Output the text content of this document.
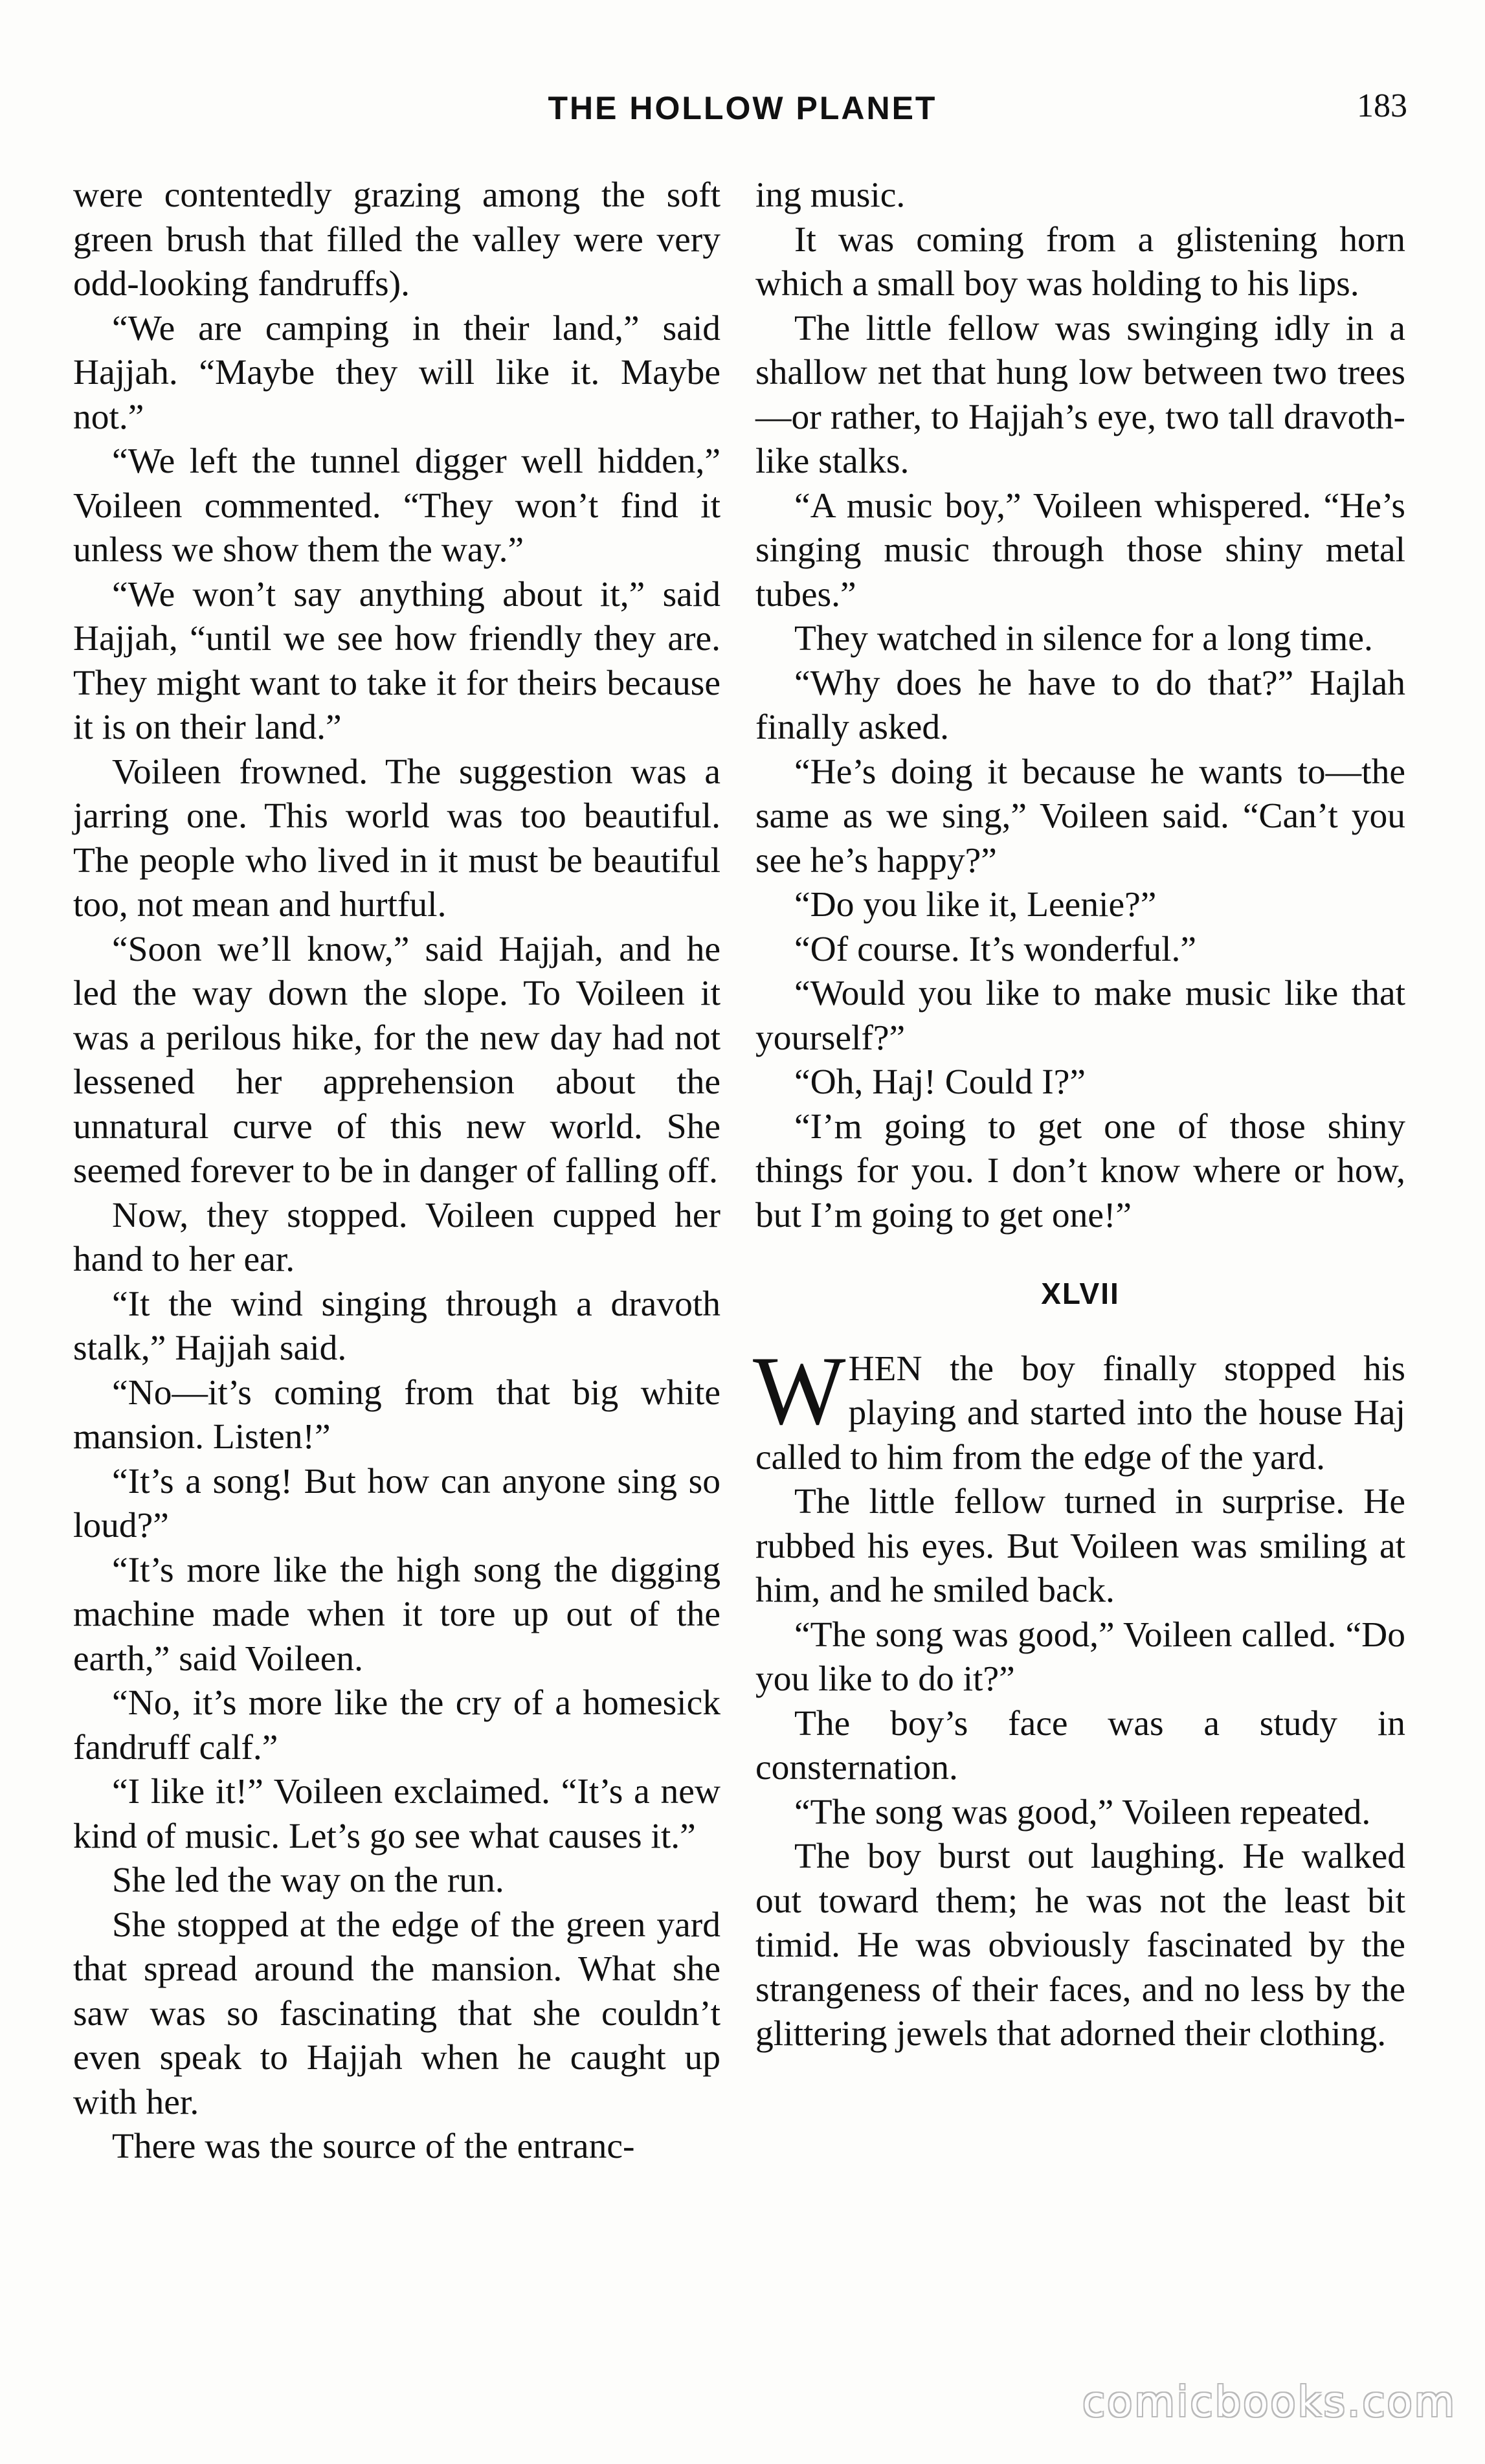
THE HOLLOW PLANET	183

were contentedly grazing among the soft green brush that filled the valley were very odd-looking fandruffs).

“We are camping in their land,” said Hajjah. “Maybe they will like it. Maybe not.”

“We left the tunnel digger well hidden,” Voileen commented. “They won’t find it unless we show them the way.”

“We won’t say anything about it,” said Hajjah, “until we see how friendly they are. They might want to take it for theirs because it is on their land.”

Voileen frowned. The suggestion was a jarring one. This world was too beautiful. The people who lived in it must be beautiful too, not mean and hurtful.

“Soon we’ll know,” said Hajjah, and he led the way down the slope. To Voileen it was a perilous hike, for the new day had not lessened her apprehension about the unnatural curve of this new world. She seemed forever to be in danger of falling off.

Now, they stopped. Voileen cupped her hand to her ear.

“It the wind singing through a dravoth stalk,” Hajjah said.

“No—it’s coming from that big white mansion. Listen!”

“It’s a song! But how can anyone sing so loud?”

“It’s more like the high song the digging machine made when it tore up out of the earth,” said Voileen.

“No, it’s more like the cry of a homesick fandruff calf.”

“I like it!” Voileen exclaimed. “It’s a new kind of music. Let’s go see what causes it.”

She led the way on the run.

She stopped at the edge of the green yard that spread around the mansion. What she saw was so fascinating that she couldn’t even speak to Hajjah when he caught up with her.

There was the source of the entranc-

ing music.

It was coming from a glistening horn which a small boy was holding to his lips.

The little fellow was swinging idly in a shallow net that hung low between two trees—or rather, to Hajjah’s eye, two tall dravoth-like stalks.

“A music boy,” Voileen whispered. “He’s singing music through those shiny metal tubes.”

They watched in silence for a long time.

“Why does he have to do that?” Hajlah finally asked.

“He’s doing it because he wants to—the same as we sing,” Voileen said. “Can’t you see he’s happy?”

“Do you like it, Leenie?”

“Of course. It’s wonderful.”

“Would you like to make music like that yourself?”

“Oh, Haj! Could I?”

“I’m going to get one of those shiny things for you. I don’t know where or how, but I’m going to get one!”

XLVII

WHEN the boy finally stopped his playing and started into the house Haj called to him from the edge of the yard.

The little fellow turned in surprise. He rubbed his eyes. But Voileen was smiling at him, and he smiled back.

“The song was good,” Voileen called. “Do you like to do it?”

The boy’s face was a study in consternation.

“The song was good,” Voileen repeated.

The boy burst out laughing. He walked out toward them; he was not the least bit timid. He was obviously fascinated by the strangeness of their faces, and no less by the glittering jewels that adorned their clothing.

comicbooks.com
